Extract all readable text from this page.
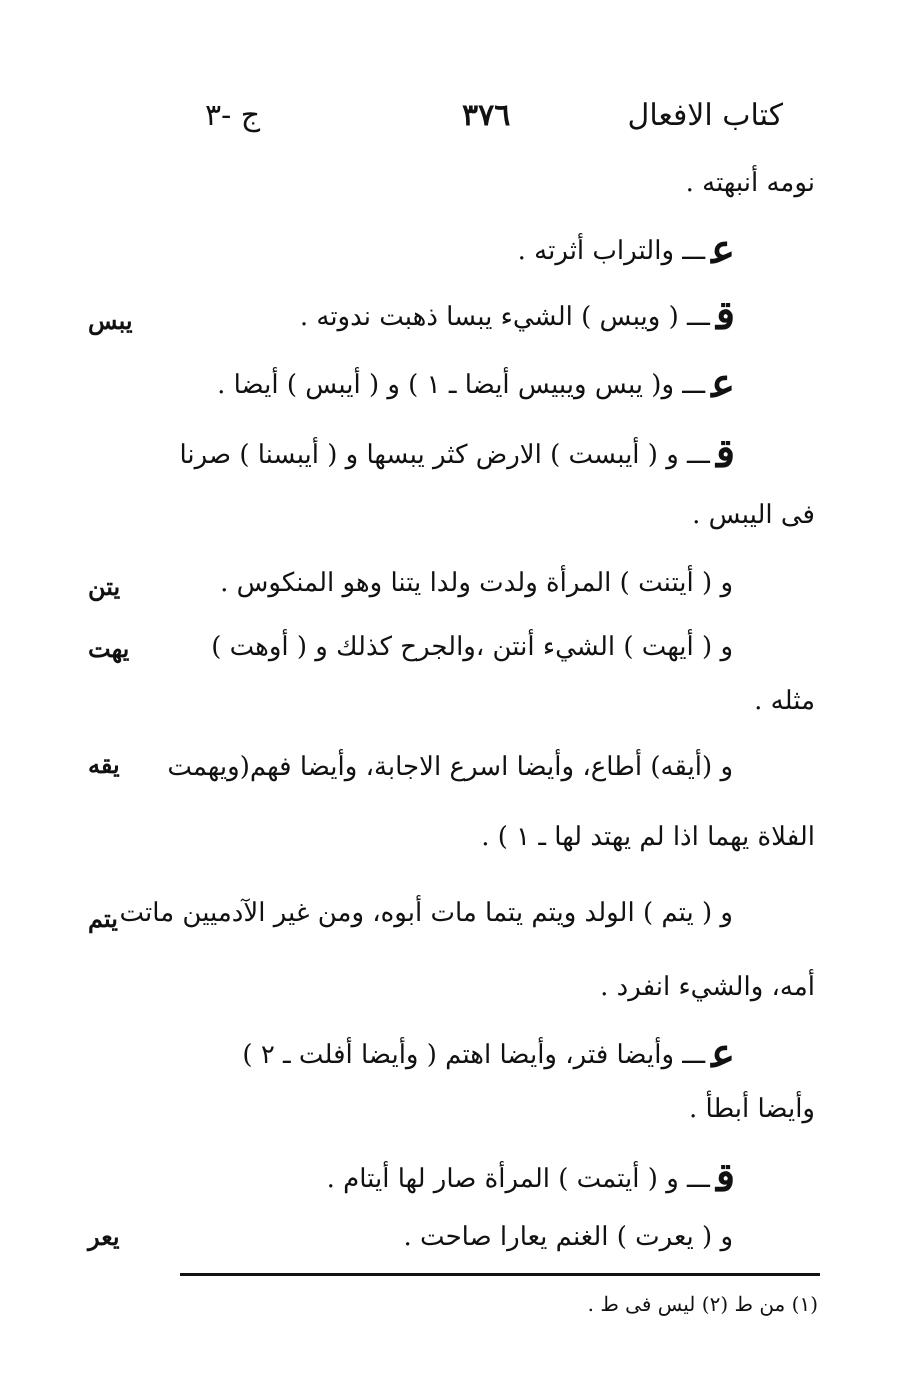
كتاب الافعال
٣٧٦
ج -٣
نومه أنبهته .
عـــ والتراب أثرته .
قـــ ( ويبس ) الشيء يبسا ذهبت ندوته .
يبس
عـــ و( يبس ويبيس أيضا ـ ١ ) و ( أيبس ) أيضا .
قـــ و ( أيبست ) الارض كثر يبسها و ( أيبسنا ) صرنا
فى اليبس .
و ( أيتنت ) المرأة ولدت ولدا يتنا وهو المنكوس .
يتن
و ( أيهت ) الشيء أنتن ،والجرح كذلك و ( أوهت )
يهت
مثله .
و (أيقه) أطاع، وأيضا اسرع الاجابة، وأيضا فهم(ويهمت
يقه
الفلاة يهما اذا لم يهتد لها ـ ١ ) .
و ( يتم ) الولد ويتم يتما مات أبوه، ومن غير الآدميين ماتت
يتم
أمه، والشيء انفرد .
عـــ وأيضا فتر، وأيضا اهتم ( وأيضا أفلت ـ ٢ )
وأيضا أبطأ .
قـــ و ( أيتمت ) المرأة صار لها أيتام .
و ( يعرت ) الغنم يعارا صاحت .
يعر
(١) من ط (٢) ليس فى ط .
